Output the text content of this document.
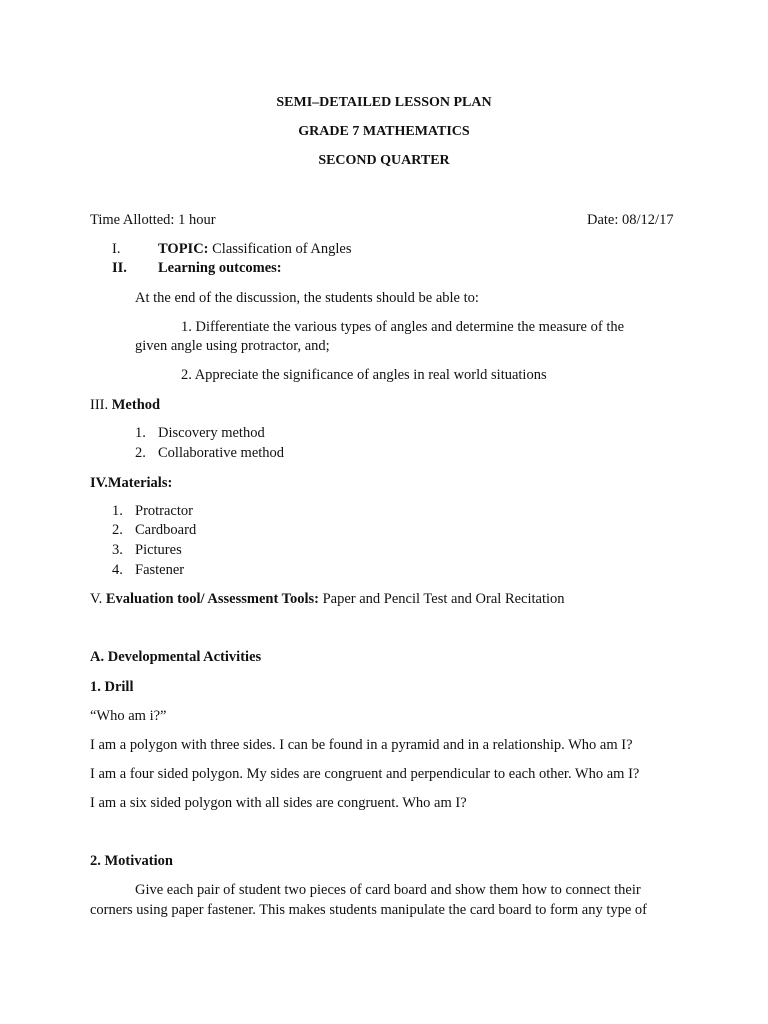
SEMI–DETAILED LESSON PLAN
GRADE 7 MATHEMATICS
SECOND QUARTER
Time Allotted: 1 hour	Date: 08/12/17
I.	TOPIC: Classification of Angles
II. Learning outcomes:
At the end of the discussion, the students should be able to:
1. Differentiate the various types of angles and determine the measure of the
given angle using protractor, and;
2. Appreciate the significance of angles in real world situations
III. Method
1. Discovery method
2. Collaborative method
IV.Materials:
1. Protractor
2. Cardboard
3. Pictures
4. Fastener
V. Evaluation tool/ Assessment Tools: Paper and Pencil Test and Oral Recitation
A. Developmental Activities
1. Drill
“Who am i?”
I am a polygon with three sides. I can be found in a pyramid and in a relationship. Who am I?
I am a four sided polygon. My sides are congruent and perpendicular to each other. Who am I?
I am a six sided polygon with all sides are congruent. Who am I?
2. Motivation
Give each pair of student two pieces of card board and show them how to connect their
corners using paper fastener. This makes students manipulate the card board to form any type of
